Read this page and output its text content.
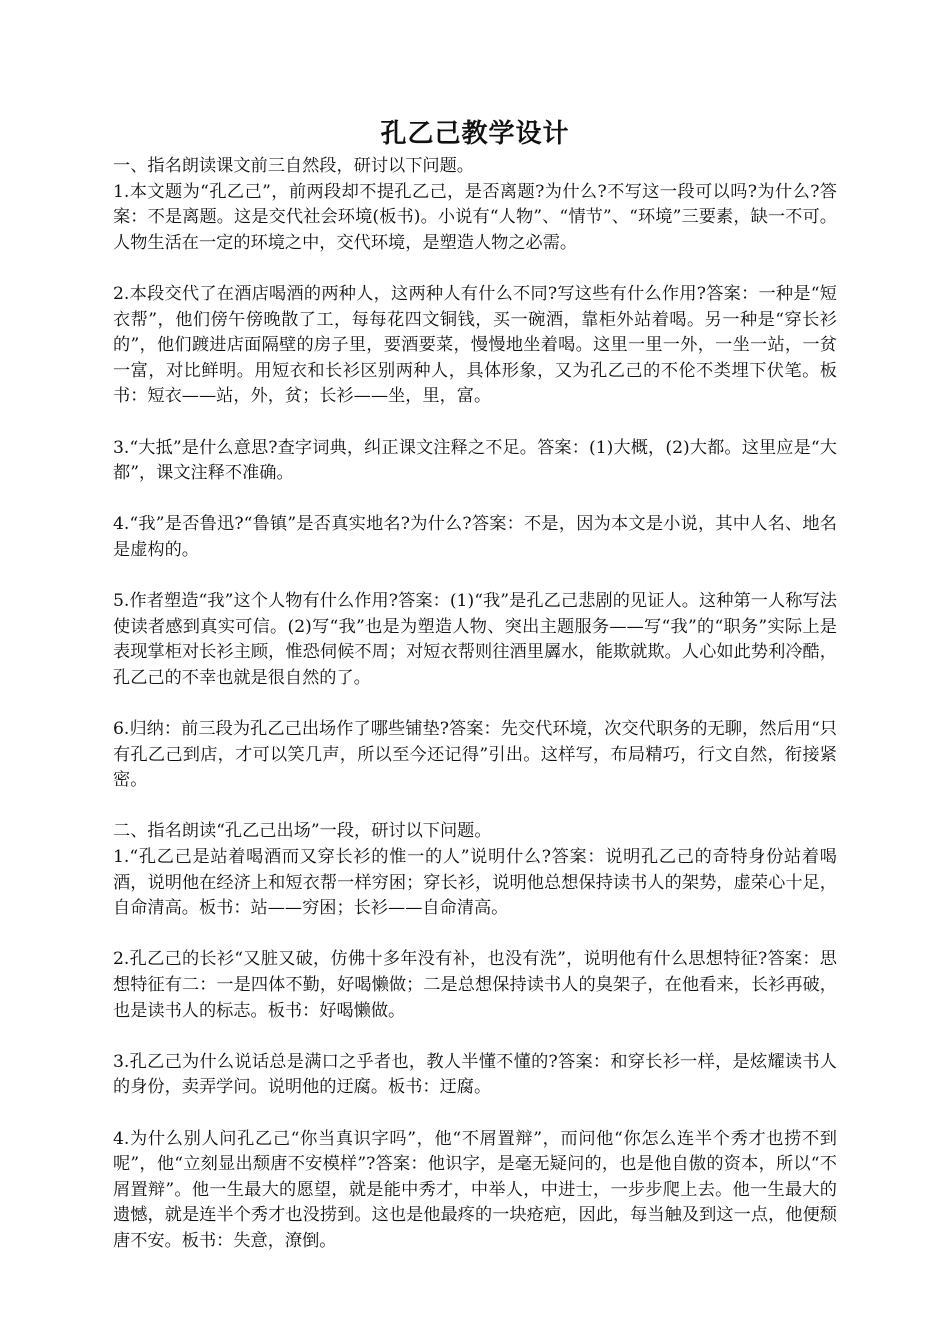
孔乙己教学设计

一、指名朗读课文前三自然段，研讨以下问题。

1.本文题为“孔乙己”，前两段却不提孔乙己，是否离题?为什么?不写这一段可以吗?为什么?答案：不是离题。这是交代社会环境(板书)。小说有“人物”、“情节”、“环境”三要素，缺一不可。人物生活在一定的环境之中，交代环境，是塑造人物之必需。

2.本段交代了在酒店喝酒的两种人，这两种人有什么不同?写这些有什么作用?答案：一种是“短衣帮”，他们傍午傍晚散了工，每每花四文铜钱，买一碗酒，靠柜外站着喝。另一种是“穿长衫的”，他们踱进店面隔壁的房子里，要酒要菜，慢慢地坐着喝。这里一里一外，一坐一站，一贫一富，对比鲜明。用短衣和长衫区别两种人，具体形象，又为孔乙己的不伦不类埋下伏笔。板书：短衣——站，外，贫；长衫——坐，里，富。

3.“大抵”是什么意思?查字词典，纠正课文注释之不足。答案：(1)大概，(2)大都。这里应是“大都”，课文注释不准确。

4.“我”是否鲁迅?“鲁镇”是否真实地名?为什么?答案：不是，因为本文是小说，其中人名、地名是虚构的。

5.作者塑造“我”这个人物有什么作用?答案：(1)“我”是孔乙己悲剧的见证人。这种第一人称写法使读者感到真实可信。(2)写“我”也是为塑造人物、突出主题服务——写“我”的“职务”实际上是表现掌柜对长衫主顾，惟恐伺候不周；对短衣帮则往酒里羼水，能欺就欺。人心如此势利冷酷，孔乙己的不幸也就是很自然的了。

6.归纳：前三段为孔乙己出场作了哪些铺垫?答案：先交代环境，次交代职务的无聊，然后用“只有孔乙己到店，才可以笑几声，所以至今还记得”引出。这样写，布局精巧，行文自然，衔接紧密。

二、指名朗读“孔乙己出场”一段，研讨以下问题。

1.“孔乙己是站着喝酒而又穿长衫的惟一的人”说明什么?答案：说明孔乙己的奇特身份站着喝酒，说明他在经济上和短衣帮一样穷困；穿长衫，说明他总想保持读书人的架势，虚荣心十足，自命清高。板书：站——穷困；长衫——自命清高。

2.孔乙己的长衫“又脏又破，仿佛十多年没有补，也没有洗”，说明他有什么思想特征?答案：思想特征有二：一是四体不勤，好喝懒做；二是总想保持读书人的臭架子，在他看来，长衫再破，也是读书人的标志。板书：好喝懒做。

3.孔乙己为什么说话总是满口之乎者也，教人半懂不懂的?答案：和穿长衫一样，是炫耀读书人的身份，卖弄学问。说明他的迂腐。板书：迂腐。

4.为什么别人问孔乙己“你当真识字吗”，他“不屑置辩”，而问他“你怎么连半个秀才也捞不到呢”，他“立刻显出颓唐不安模样”?答案：他识字，是毫无疑问的，也是他自傲的资本，所以“不屑置辩”。他一生最大的愿望，就是能中秀才，中举人，中进士，一步步爬上去。他一生最大的遗憾，就是连半个秀才也没捞到。这也是他最疼的一块疮疤，因此，每当触及到这一点，他便颓唐不安。板书：失意，潦倒。
